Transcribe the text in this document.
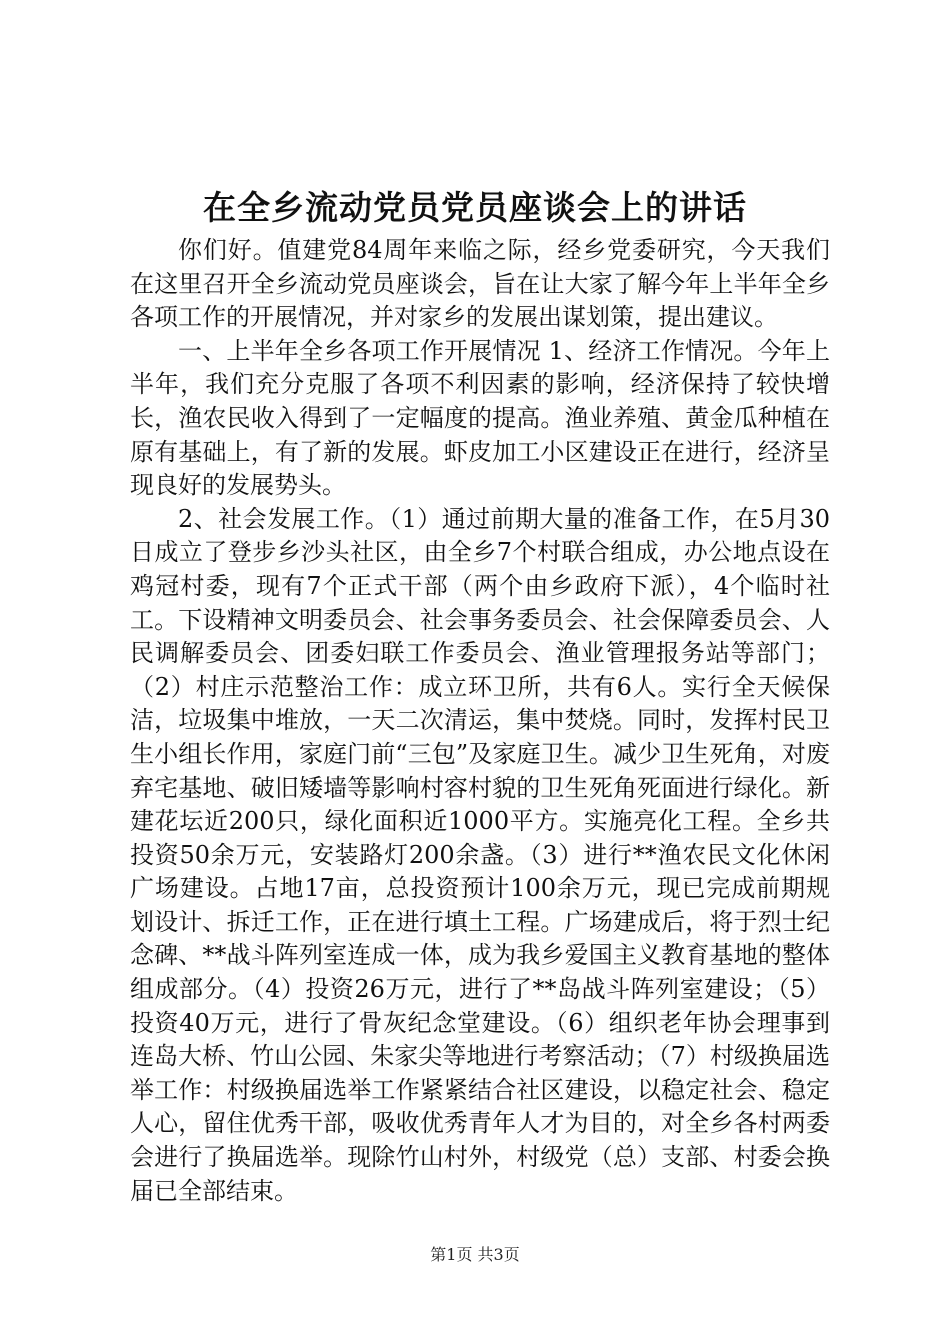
在全乡流动党员党员座谈会上的讲话

你们好。值建党84周年来临之际，经乡党委研究，今天我们在这里召开全乡流动党员座谈会，旨在让大家了解今年上半年全乡各项工作的开展情况，并对家乡的发展出谋划策，提出建议。

一、上半年全乡各项工作开展情况 1、经济工作情况。今年上半年，我们充分克服了各项不利因素的影响，经济保持了较快增长，渔农民收入得到了一定幅度的提高。渔业养殖、黄金瓜种植在原有基础上，有了新的发展。虾皮加工小区建设正在进行，经济呈现良好的发展势头。

2、社会发展工作。（1）通过前期大量的准备工作，在5月30日成立了登步乡沙头社区，由全乡7个村联合组成，办公地点设在鸡冠村委，现有7个正式干部（两个由乡政府下派），4个临时社工。下设精神文明委员会、社会事务委员会、社会保障委员会、人民调解委员会、团委妇联工作委员会、渔业管理报务站等部门；（2）村庄示范整治工作：成立环卫所，共有6人。实行全天候保洁，垃圾集中堆放，一天二次清运，集中焚烧。同时，发挥村民卫生小组长作用，家庭门前“三包”及家庭卫生。减少卫生死角，对废弃宅基地、破旧矮墙等影响村容村貌的卫生死角死面进行绿化。新建花坛近200只，绿化面积近1000平方。实施亮化工程。全乡共投资50余万元，安装路灯200余盏。（3）进行**渔农民文化休闲广场建设。占地17亩，总投资预计100余万元，现已完成前期规划设计、拆迁工作，正在进行填土工程。广场建成后，将于烈士纪念碑、**战斗阵列室连成一体，成为我乡爱国主义教育基地的整体组成部分。（4）投资26万元，进行了**岛战斗阵列室建设；（5）投资40万元，进行了骨灰纪念堂建设。（6）组织老年协会理事到连岛大桥、竹山公园、朱家尖等地进行考察活动；（7）村级换届选举工作：村级换届选举工作紧紧结合社区建设，以稳定社会、稳定人心，留住优秀干部，吸收优秀青年人才为目的，对全乡各村两委会进行了换届选举。现除竹山村外，村级党（总）支部、村委会换届已全部结束。

第1页 共3页
